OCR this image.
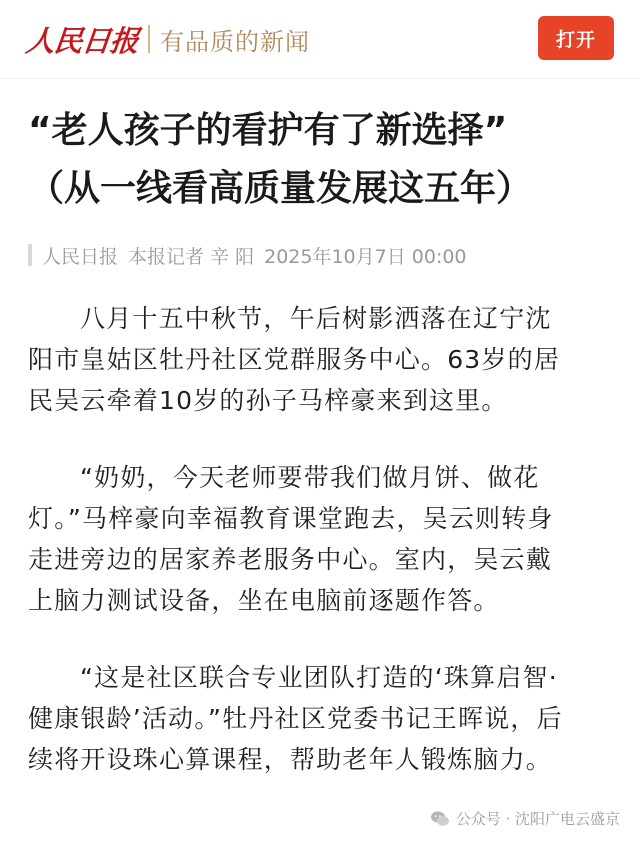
人民日报 有品质的新闻	打开
“老人孩子的看护有了新选择”
（从一线看高质量发展这五年）
人民日报 本报记者 辛 阳 2025年10月7日 00:00

八月十五中秋节，午后树影洒落在辽宁沈
阳市皇姑区牡丹社区党群服务中心。63岁的居
民吴云牵着10岁的孙子马梓豪来到这里。

“奶奶，今天老师要带我们做月饼、做花
灯。”马梓豪向幸福教育课堂跑去，吴云则转身
走进旁边的居家养老服务中心。室内，吴云戴
上脑力测试设备，坐在电脑前逐题作答。

“这是社区联合专业团队打造的‘珠算启智·
健康银龄’活动。”牡丹社区党委书记王晖说，后
续将开设珠心算课程，帮助老年人锻炼脑力。

公众号 · 沈阳广电云盛京
